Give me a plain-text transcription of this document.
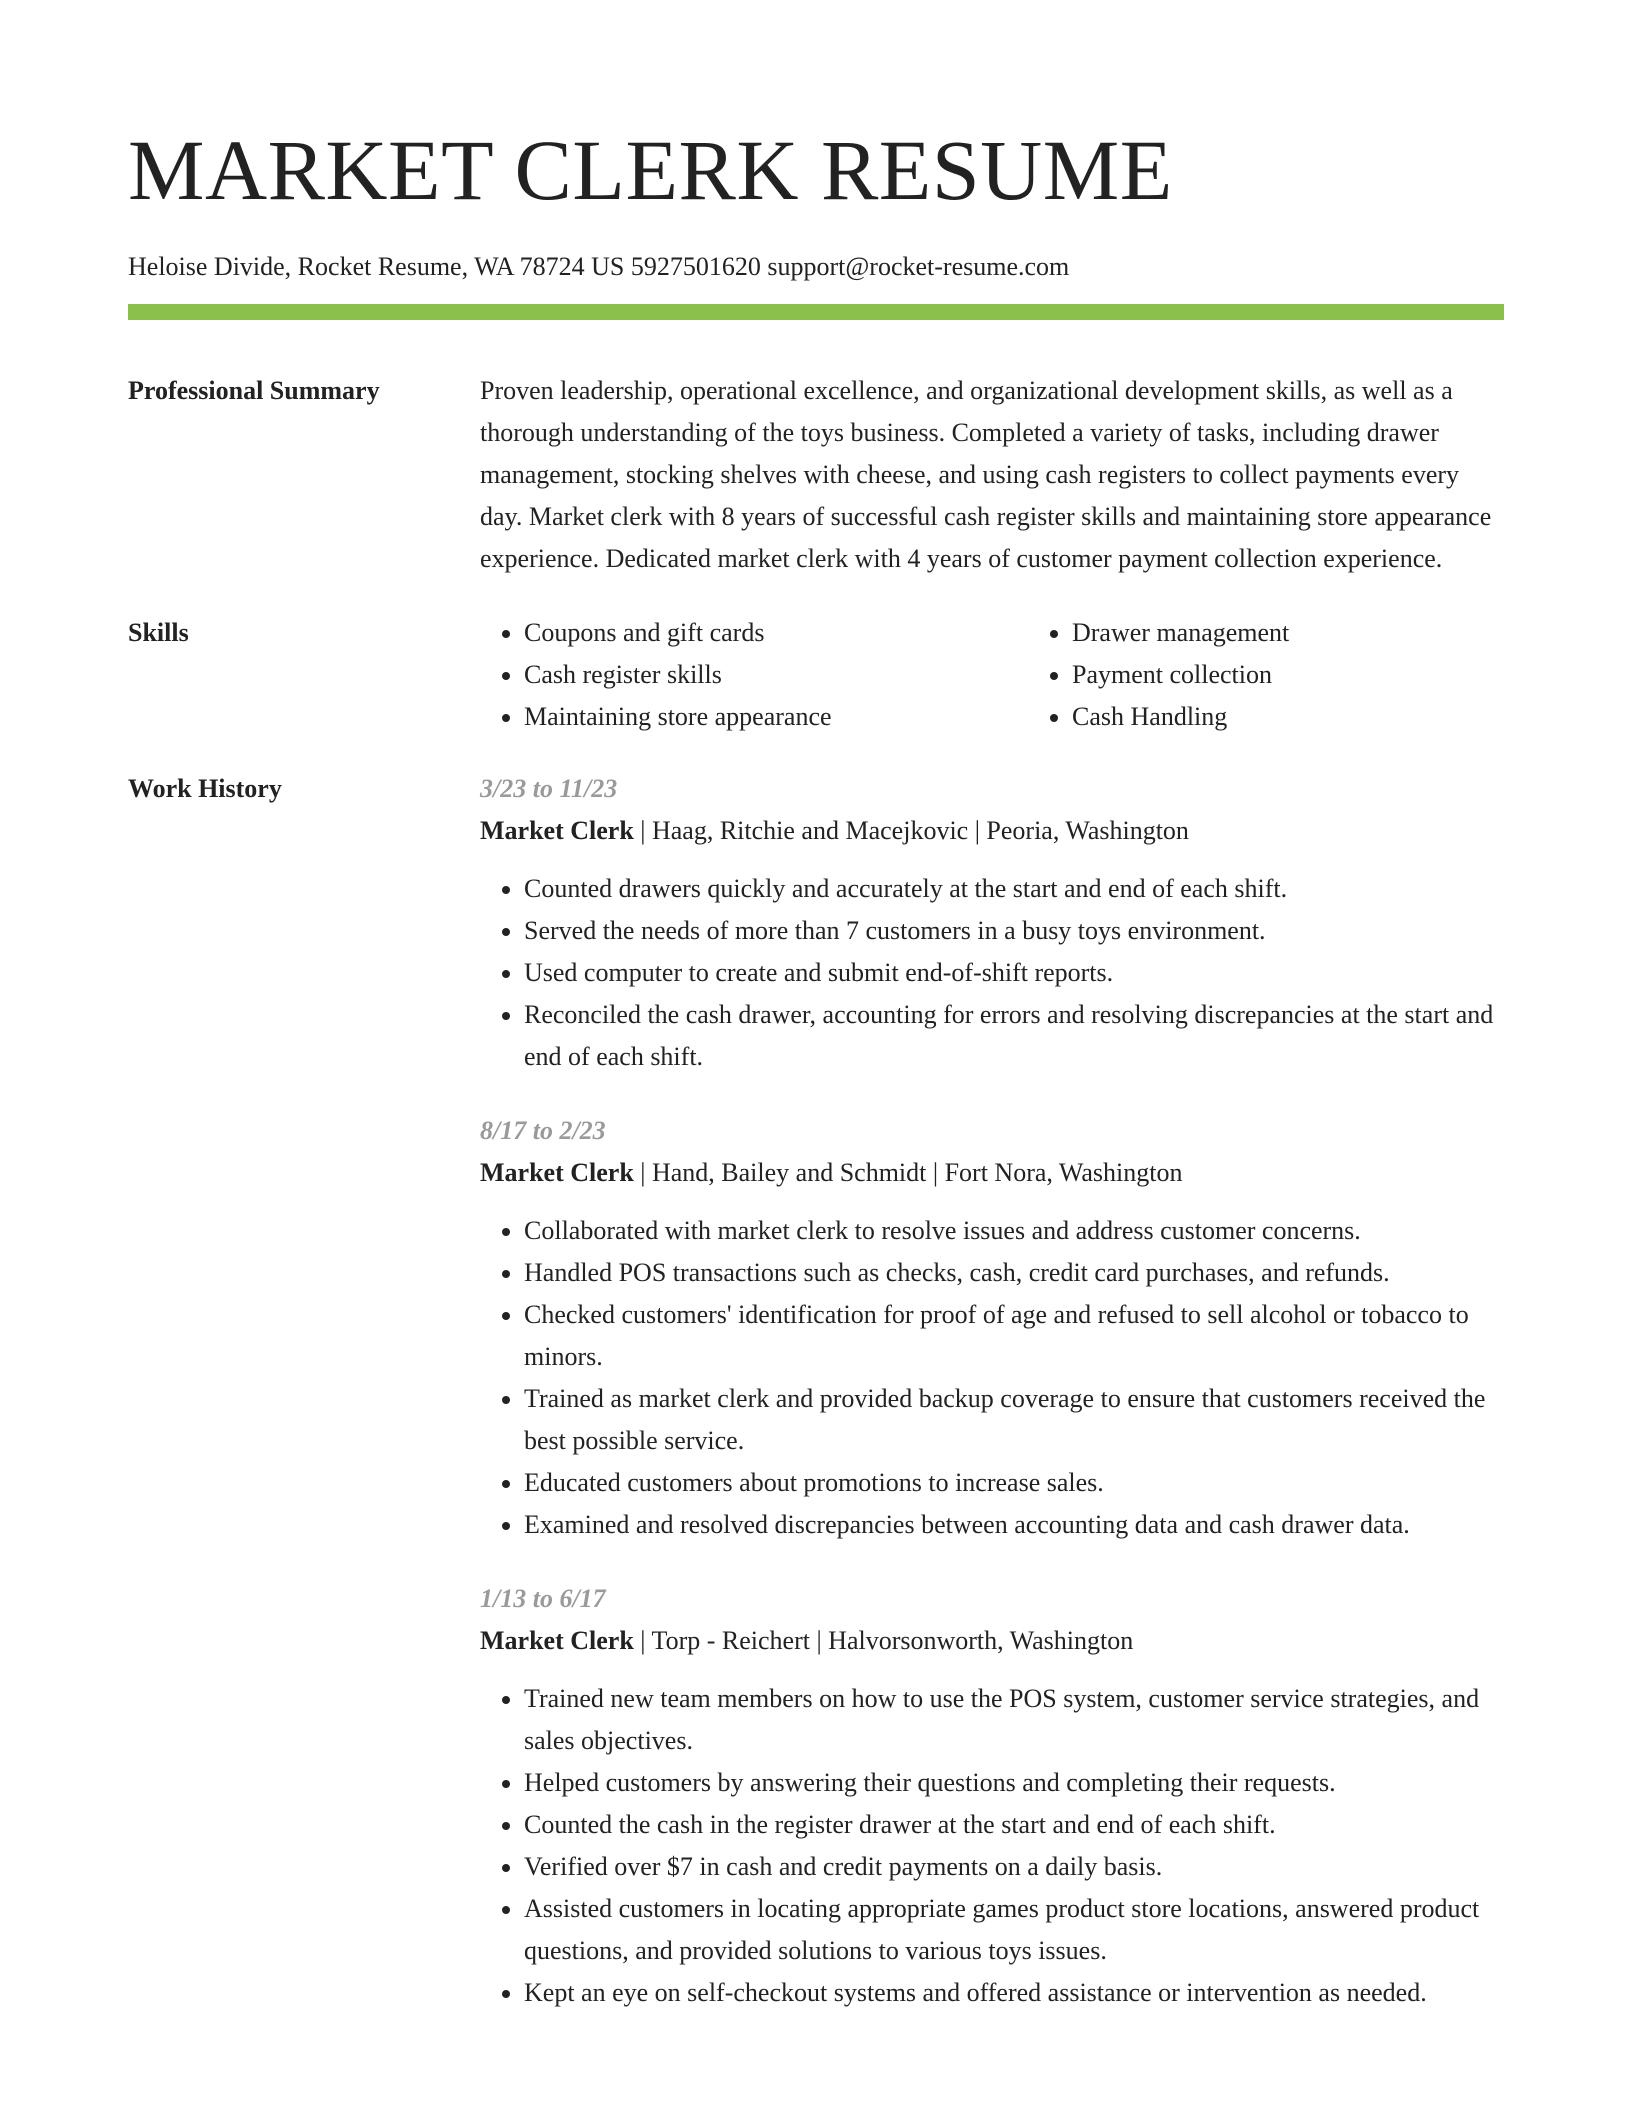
MARKET CLERK RESUME
Heloise Divide, Rocket Resume, WA 78724 US 5927501620 support@rocket-resume.com
Professional Summary	Proven leadership, operational excellence, and organizational development skills, as well as a thorough understanding of the toys business. Completed a variety of tasks, including drawer management, stocking shelves with cheese, and using cash registers to collect payments every day. Market clerk with 8 years of successful cash register skills and maintaining store appearance experience. Dedicated market clerk with 4 years of customer payment collection experience.
Skills
•	Coupons and gift cards
• Cash register skills
• Maintaining store appearance
• Drawer management
• Payment collection
• Cash Handling
Work History	3/23 to 11/23
Market Clerk | Haag, Ritchie and Macejkovic | Peoria, Washington
• Counted drawers quickly and accurately at the start and end of each shift.
• Served the needs of more than 7 customers in a busy toys environment.
• Used computer to create and submit end-of-shift reports.
• Reconciled the cash drawer, accounting for errors and resolving discrepancies at the start and end of each shift.
8/17 to 2/23
Market Clerk | Hand, Bailey and Schmidt | Fort Nora, Washington
• Collaborated with market clerk to resolve issues and address customer concerns.
• Handled POS transactions such as checks, cash, credit card purchases, and refunds.
• Checked customers' identification for proof of age and refused to sell alcohol or tobacco to minors.
• Trained as market clerk and provided backup coverage to ensure that customers received the best possible service.
• Educated customers about promotions to increase sales.
• Examined and resolved discrepancies between accounting data and cash drawer data.
1/13 to 6/17
Market Clerk | Torp - Reichert | Halvorsonworth, Washington
• Trained new team members on how to use the POS system, customer service strategies, and sales objectives.
• Helped customers by answering their questions and completing their requests.
• Counted the cash in the register drawer at the start and end of each shift.
• Verified over $7 in cash and credit payments on a daily basis.
• Assisted customers in locating appropriate games product store locations, answered product questions, and provided solutions to various toys issues.
• Kept an eye on self-checkout systems and offered assistance or intervention as needed.
